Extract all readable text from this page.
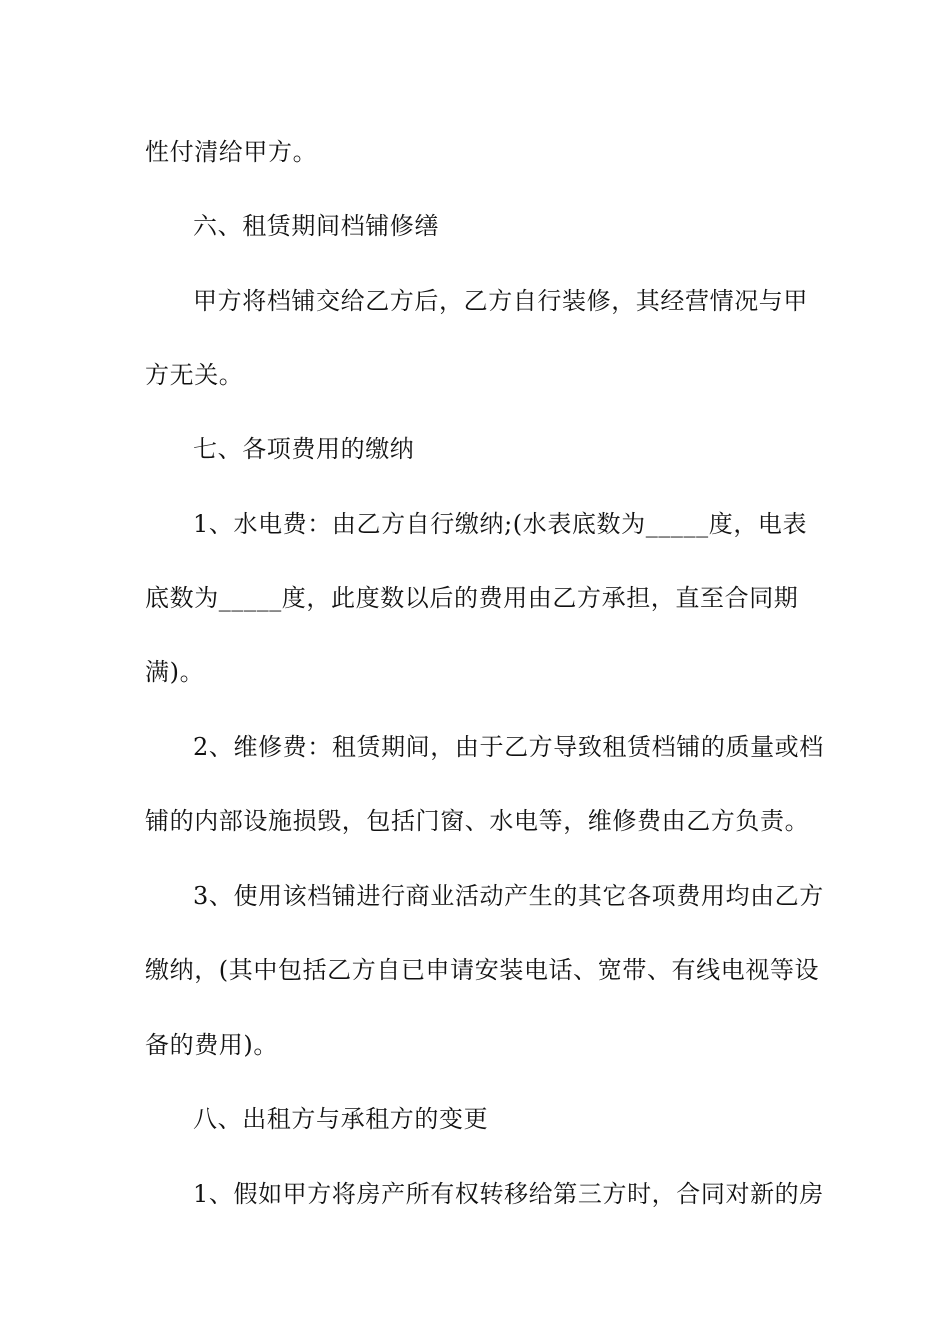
性付清给甲方。
六、租赁期间档铺修缮
甲方将档铺交给乙方后，乙方自行装修，其经营情况与甲
方无关。
七、各项费用的缴纳
1、水电费：由乙方自行缴纳;(水表底数为_____度，电表
底数为_____度，此度数以后的费用由乙方承担，直至合同期
满)。
2、维修费：租赁期间，由于乙方导致租赁档铺的质量或档
铺的内部设施损毁，包括门窗、水电等，维修费由乙方负责。
3、使用该档铺进行商业活动产生的其它各项费用均由乙方
缴纳，(其中包括乙方自已申请安装电话、宽带、有线电视等设
备的费用)。
八、出租方与承租方的变更
1、假如甲方将房产所有权转移给第三方时，合同对新的房
